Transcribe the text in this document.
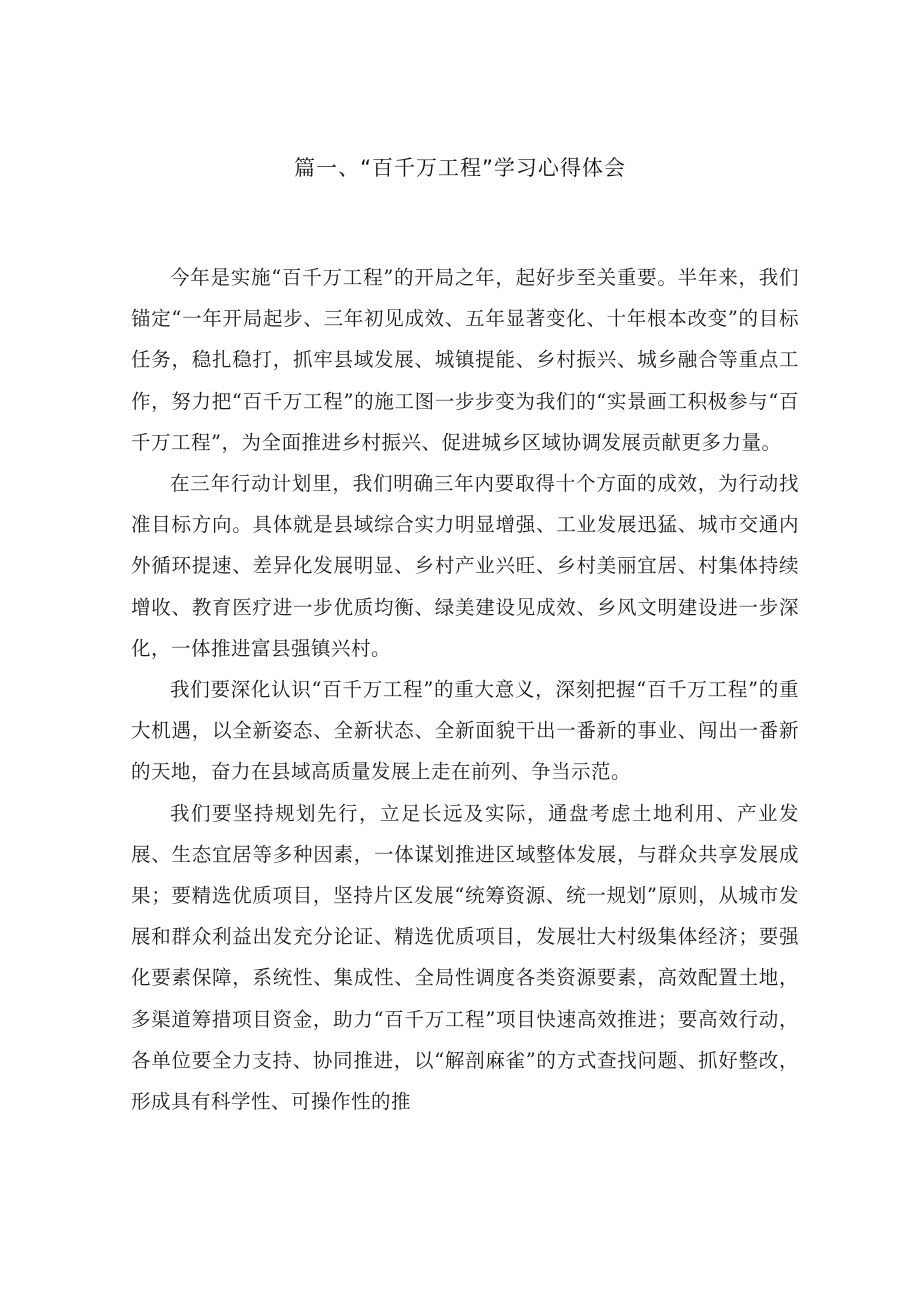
篇一、“百千万工程”学习心得体会

今年是实施“百千万工程”的开局之年，起好步至关重要。半年来，我们锚定“一年开局起步、三年初见成效、五年显著变化、十年根本改变”的目标任务，稳扎稳打，抓牢县域发展、城镇提能、乡村振兴、城乡融合等重点工作，努力把“百千万工程”的施工图一步步变为我们的“实景画工积极参与“百千万工程”，为全面推进乡村振兴、促进城乡区域协调发展贡献更多力量。

在三年行动计划里，我们明确三年内要取得十个方面的成效，为行动找准目标方向。具体就是县域综合实力明显增强、工业发展迅猛、城市交通内外循环提速、差异化发展明显、乡村产业兴旺、乡村美丽宜居、村集体持续增收、教育医疗进一步优质均衡、绿美建设见成效、乡风文明建设进一步深化，一体推进富县强镇兴村。

我们要深化认识“百千万工程”的重大意义，深刻把握“百千万工程”的重大机遇，以全新姿态、全新状态、全新面貌干出一番新的事业、闯出一番新的天地，奋力在县域高质量发展上走在前列、争当示范。

我们要坚持规划先行，立足长远及实际，通盘考虑土地利用、产业发展、生态宜居等多种因素，一体谋划推进区域整体发展，与群众共享发展成果；要精选优质项目，坚持片区发展“统筹资源、统一规划”原则，从城市发展和群众利益出发充分论证、精选优质项目，发展壮大村级集体经济；要强化要素保障，系统性、集成性、全局性调度各类资源要素，高效配置土地，多渠道筹措项目资金，助力“百千万工程”项目快速高效推进；要高效行动，各单位要全力支持、协同推进，以“解剖麻雀”的方式查找问题、抓好整改，形成具有科学性、可操作性的推
